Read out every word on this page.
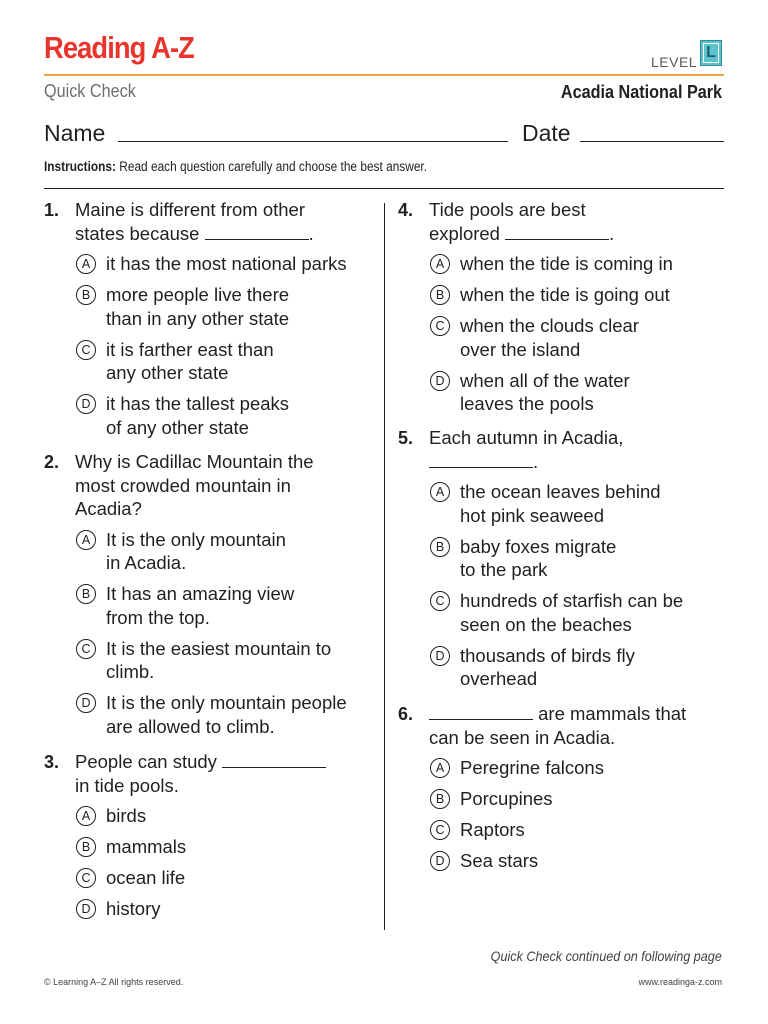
Reading A-Z	LEVEL
L
Quick Check	Acadia National Park
Name	Date
Instructions: Read each question carefully and choose the best answer.
1. Maine is different from other states because	.
A it has the most national parks
B more people live there than in any other state
C it is farther east than any other state
D it has the tallest peaks of any other state
2. Why is Cadillac Mountain the most crowded mountain in Acadia?
A It is the only mountain in Acadia.
B It has an amazing view from the top.
C It is the easiest mountain to climb.
D It is the only mountain people are allowed to climb.
3. People can study  in tide pools.
A birds
B mammals
C ocean life
D history
4. Tide pools are best explored	.
A when the tide is coming in
B when the tide is going out
C when the clouds clear over the island
D when all of the water leaves the pools
5. Each autumn in Acadia, .
A the ocean leaves behind hot pink seaweed
B baby foxes migrate to the park
C hundreds of starfish can be seen on the beaches
D thousands of birds fly overhead
6.	are mammals that can be seen in Acadia.
A Peregrine falcons
B Porcupines
C Raptors
D Sea stars
Quick Check continued on following page
© Learning A–Z All rights reserved.	www.readinga-z.com
